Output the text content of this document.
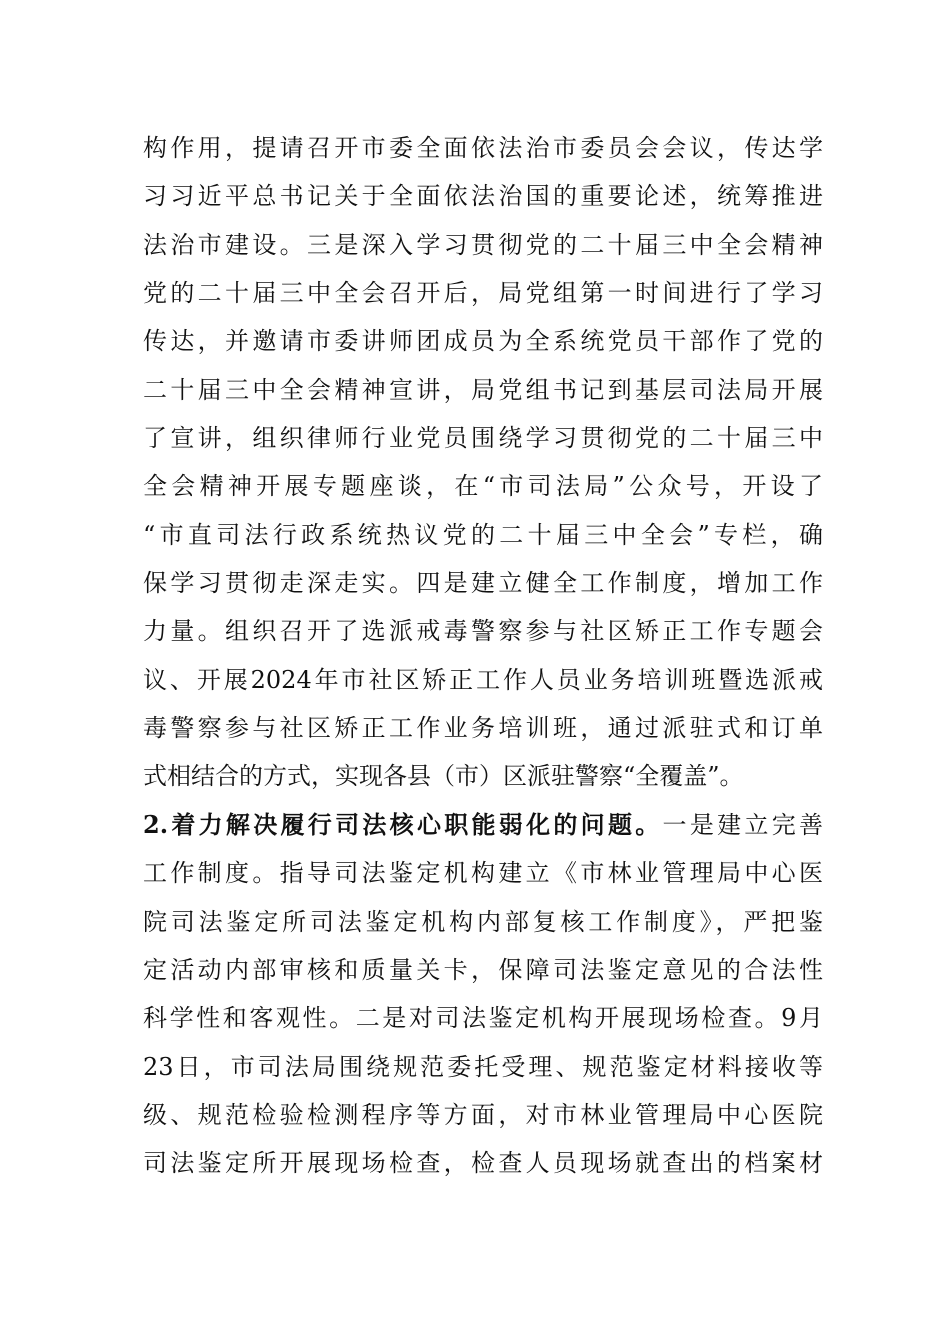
构作用，提请召开市委全面依法治市委员会会议，传达学
习习近平总书记关于全面依法治国的重要论述，统筹推进
法治市建设。三是深入学习贯彻党的二十届三中全会精神
党的二十届三中全会召开后，局党组第一时间进行了学习
传达，并邀请市委讲师团成员为全系统党员干部作了党的
二十届三中全会精神宣讲，局党组书记到基层司法局开展
了宣讲，组织律师行业党员围绕学习贯彻党的二十届三中
全会精神开展专题座谈，在“市司法局”公众号，开设了
“市直司法行政系统热议党的二十届三中全会”专栏，确
保学习贯彻走深走实。四是建立健全工作制度，增加工作
力量。组织召开了选派戒毒警察参与社区矫正工作专题会
议、开展2024年市社区矫正工作人员业务培训班暨选派戒
毒警察参与社区矫正工作业务培训班，通过派驻式和订单
式相结合的方式，实现各县（市）区派驻警察“全覆盖”。
2.着力解决履行司法核心职能弱化的问题。一是建立完善
工作制度。指导司法鉴定机构建立《市林业管理局中心医
院司法鉴定所司法鉴定机构内部复核工作制度》，严把鉴
定活动内部审核和质量关卡，保障司法鉴定意见的合法性
科学性和客观性。二是对司法鉴定机构开展现场检查。9月
23日，市司法局围绕规范委托受理、规范鉴定材料接收等
级、规范检验检测程序等方面，对市林业管理局中心医院
司法鉴定所开展现场检查，检查人员现场就查出的档案材
